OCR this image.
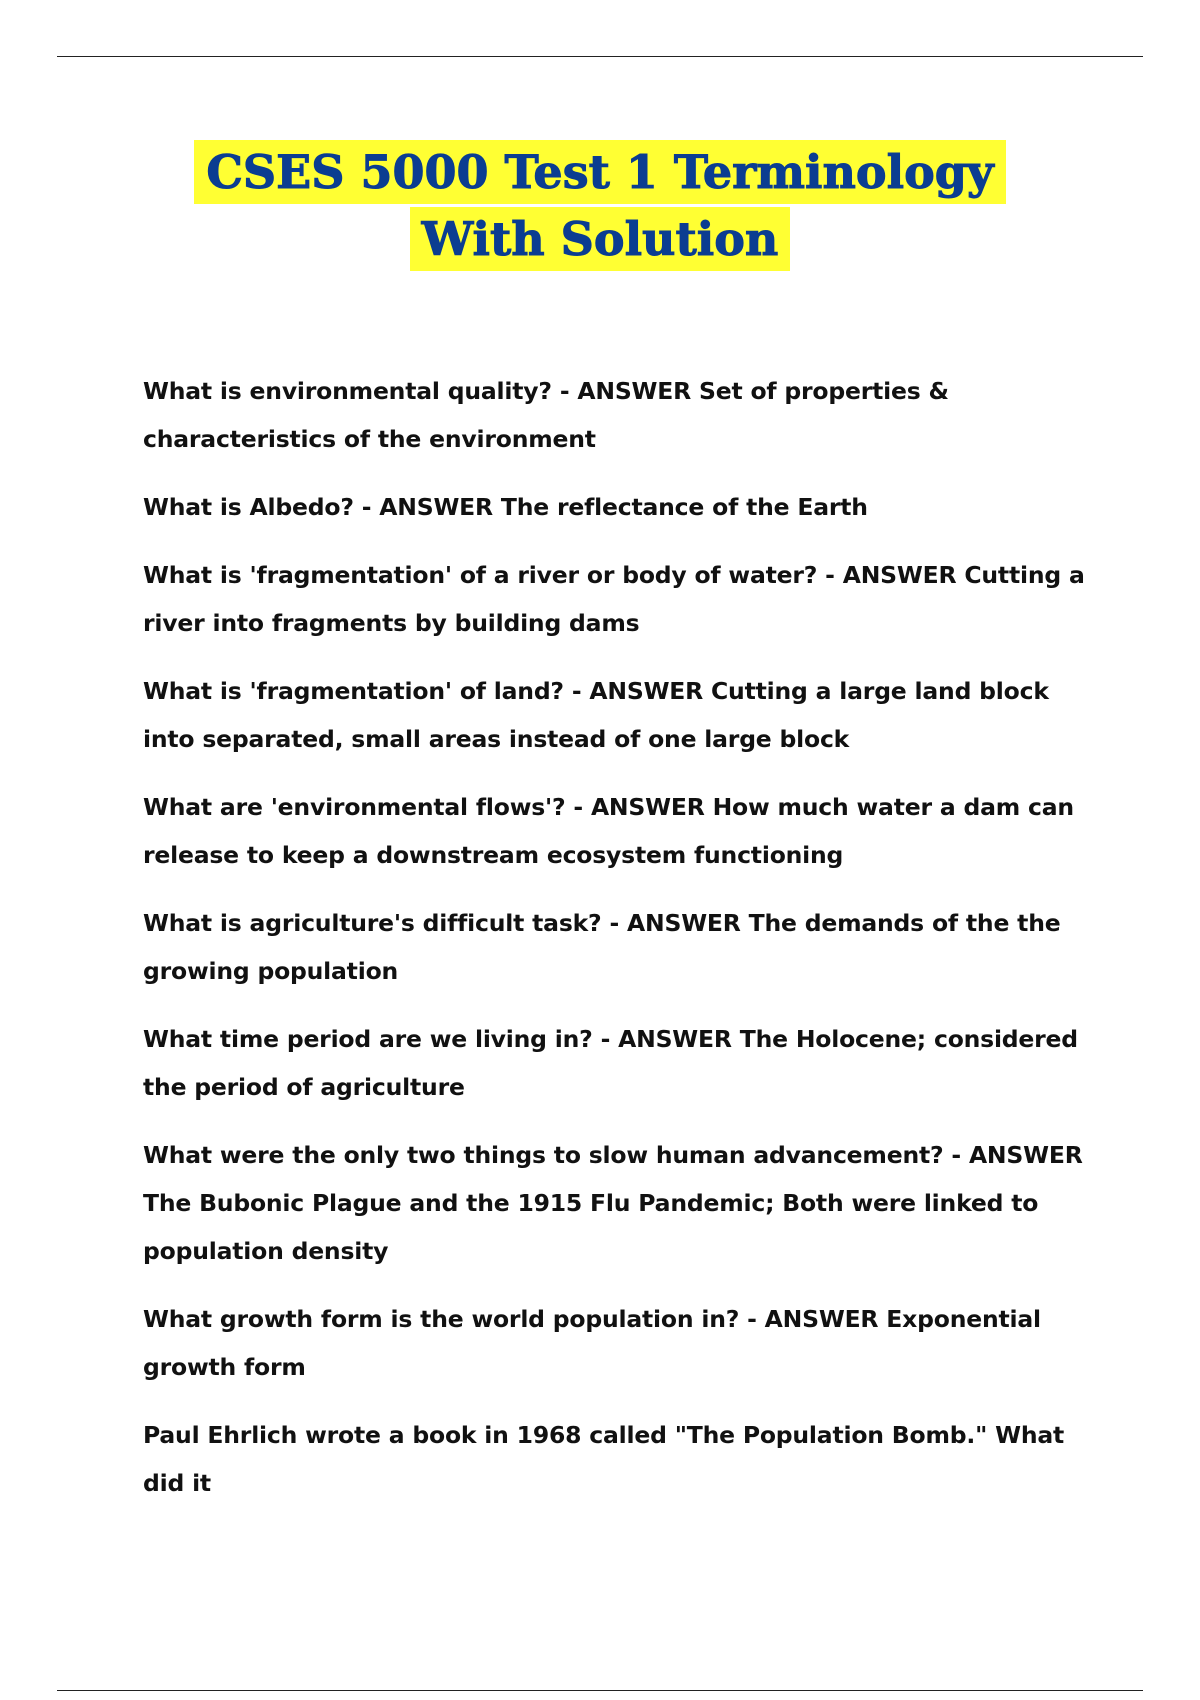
CSES 5000 Test 1 Terminology
With Solution
What is environmental quality? - ANSWER Set of properties & characteristics of the environment
What is Albedo? - ANSWER The reflectance of the Earth
What is 'fragmentation' of a river or body of water? - ANSWER Cutting a river into fragments by building dams
What is 'fragmentation' of land? - ANSWER Cutting a large land block into separated, small areas instead of one large block
What are 'environmental flows'? - ANSWER How much water a dam can release to keep a downstream ecosystem functioning
What is agriculture's difficult task? - ANSWER The demands of the the growing population
What time period are we living in? - ANSWER The Holocene; considered the period of agriculture
What were the only two things to slow human advancement? - ANSWER The Bubonic Plague and the 1915 Flu Pandemic; Both were linked to population density
What growth form is the world population in? - ANSWER Exponential growth form
Paul Ehrlich wrote a book in 1968 called "The Population Bomb." What did it
